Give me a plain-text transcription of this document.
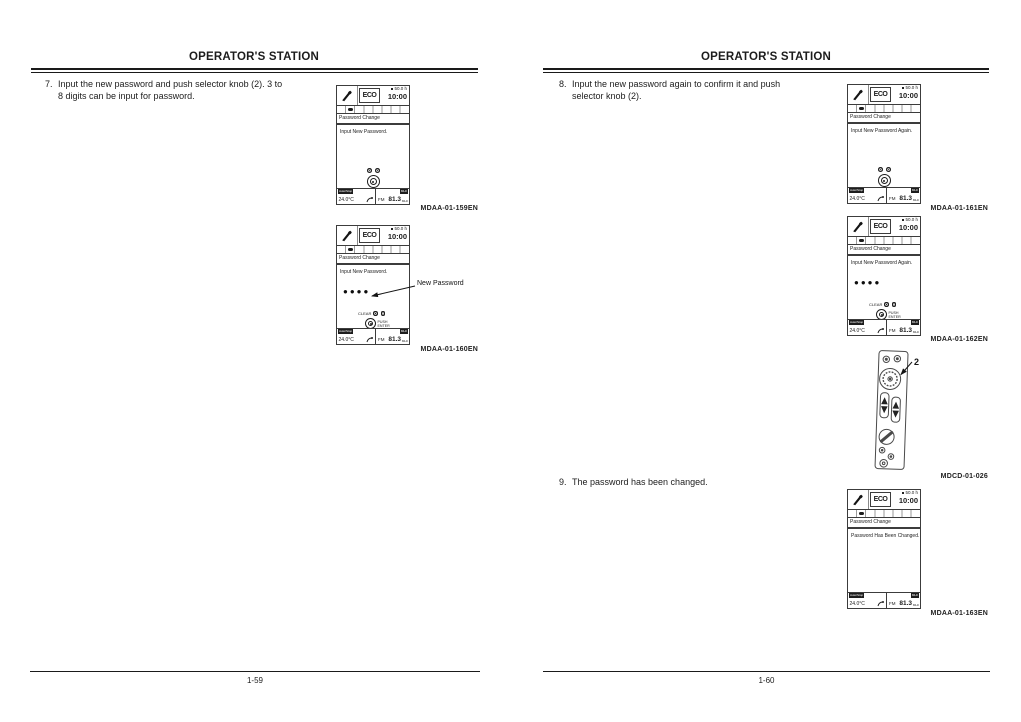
OPERATOR'S STATION
7. Input the new password and push selector knob (2). 3 to
8 digits can be input for password.	ECO
50.0 h
10:00
Password Change
Input New Password.
Auto/Stop
24.0°C
MHz
FM 81.3 MHz
MDAA-01-159EN
ECO
50.0 h
10:00
Password Change
Input New Password.
●●●●
CLEAR
PUSH
ENTER
Auto/Stop
24.0°C
MHz
FM 81.3 MHz
New Password
MDAA-01-160EN
1-59
OPERATOR'S STATION
8. Input the new password again to confirm it and push
selector knob (2).	ECO
50.0 h
10:00
Password Change
Input New Password Again.
Auto/Stop
24.0°C
MHz
FM 81.3 MHz
MDAA-01-161EN
ECO
50.0 h
10:00
Password Change
Input New Password Again.
●●●●
CLEAR
PUSH
ENTER
Auto/Stop
24.0°C
MHz
FM 81.3 MHz
MDAA-01-162EN
2
MDCD-01-026
9. The password has been changed.
ECO
50.0 h
10:00
Password Change
Password Has Been Changed.
Auto/Stop
24.0°C
MHz
FM 81.3 MHz
MDAA-01-163EN
1-60
